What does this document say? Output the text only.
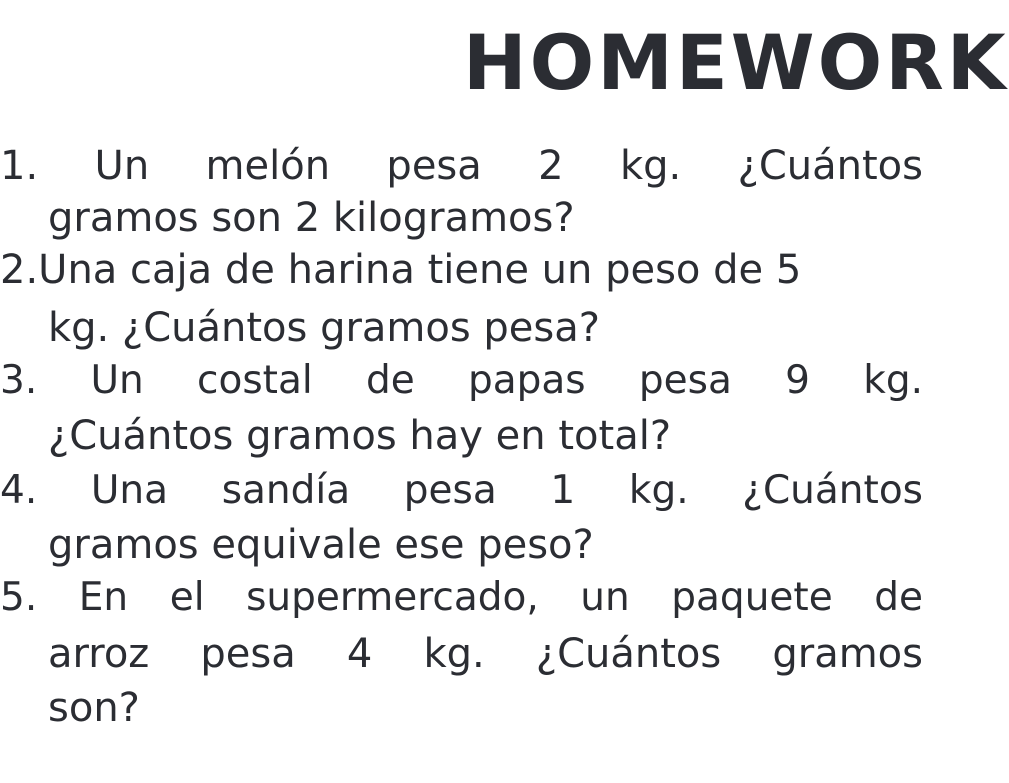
HOMEWORK
1. Un melón pesa 2 kg. ¿Cuántos
gramos son 2 kilogramos?
2.Una caja de harina tiene un peso de 5
kg. ¿Cuántos gramos pesa?
3. Un costal de papas pesa 9 kg.
¿Cuántos gramos hay en total?
4. Una sandía pesa 1 kg. ¿Cuántos
gramos equivale ese peso?
5. En el supermercado, un paquete de
arroz pesa 4 kg. ¿Cuántos gramos
son?
